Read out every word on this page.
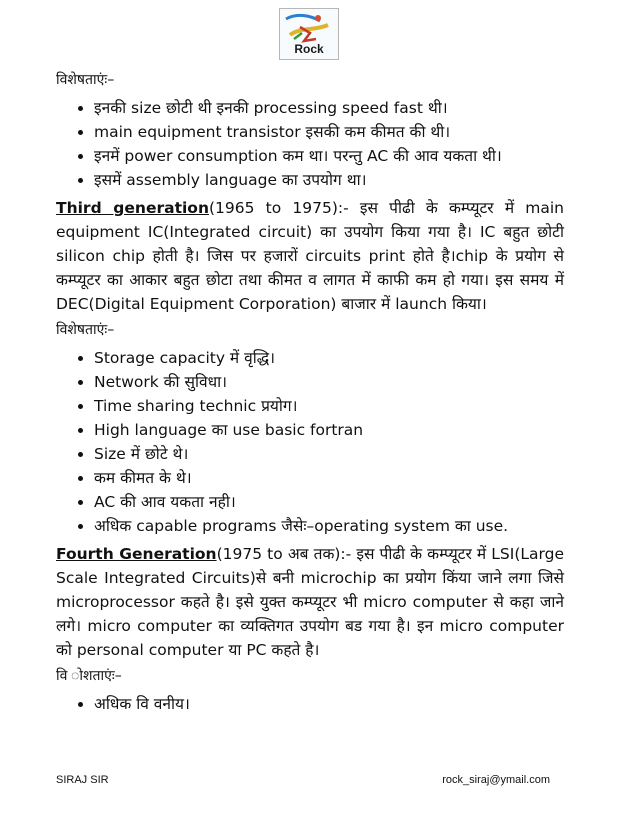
Rock
विशेषताएंः–
• इनकी size छोटी थी इनकी processing speed fast थी।
• main equipment transistor इसकी कम कीमत की थी।
• इनमें power consumption कम था। परन्तु AC की आव यकता थी।
• इसमें assembly language का उपयोग था।

Third generation(1965 to 1975):- इस पीढी के कम्प्यूटर में main equipment IC(Integrated circuit) का उपयोग किया गया है। IC बहुत छोटी silicon chip होती है। जिस पर हजारों circuits print होते है।chip के प्रयोग से कम्प्यूटर का आकार बहुत छोटा तथा कीमत व लागत में काफी कम हो गया। इस समय में DEC(Digital Equipment Corporation) बाजार में launch किया।

विशेषताएंः–
• Storage capacity में वृद्धि।
• Network की सुविधा।
• Time sharing technic प्रयोग।
• High language का use basic fortran
• Size में छोटे थे।
• कम कीमत के थे।
• AC की आव यकता नही।
• अधिक capable programs जैसेः–operating system का use.

Fourth Generation(1975 to अब तक):- इस पीढी के कम्प्यूटर में LSI(Large Scale Integrated Circuits)से बनी microchip का प्रयोग किंया जाने लगा जिसे microprocessor कहते है। इसे युक्त कम्प्यूटर भी micro computer से कहा जाने लगे। micro computer का व्यक्तिगत उपयोग बड गया है। इन micro computer को personal computer या PC कहते है।

वि ोशताएंः–
• अधिक वि वनीय।
SIRAJ SIR	rock_siraj@ymail.com
